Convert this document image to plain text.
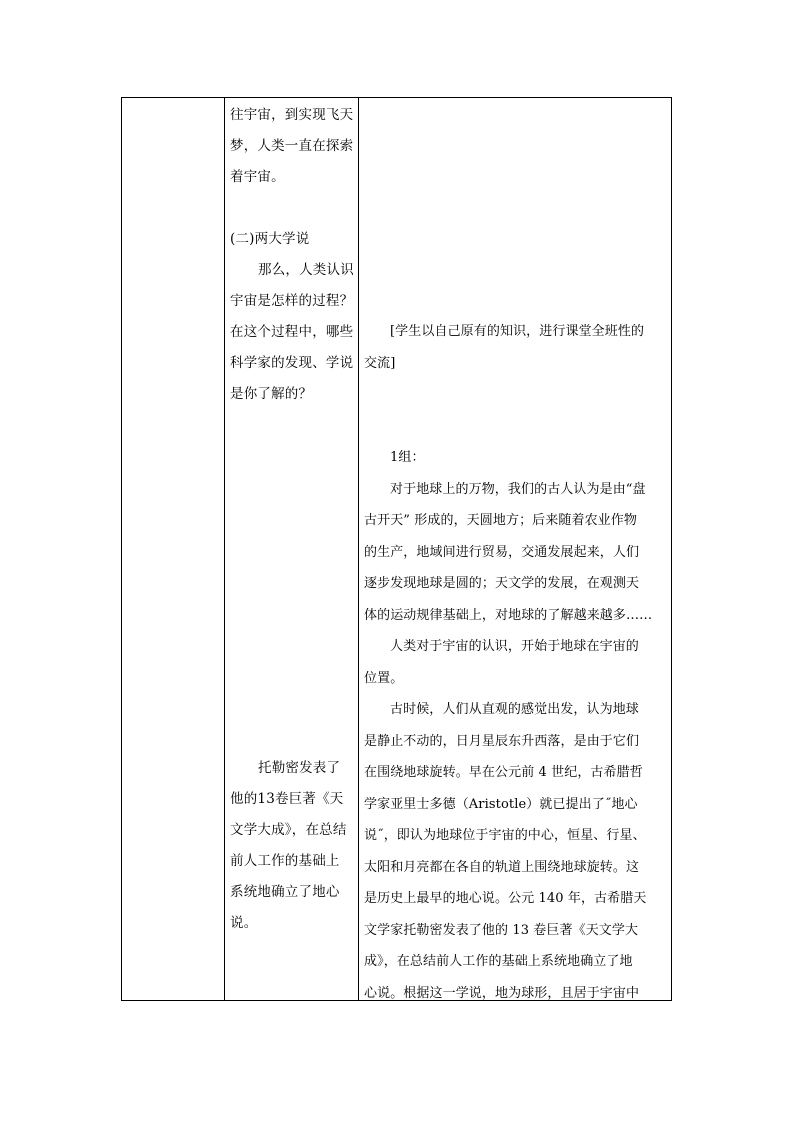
往宇宙，到实现飞天

梦，人类一直在探索

着宇宙。

(二)两大学说

那么，人类认识

宇宙是怎样的过程？

在这个过程中，哪些

科学家的发现、学说

是你了解的？

托勒密发表了

他的13卷巨著《天

文学大成》，在总结

前人工作的基础上

系统地确立了地心

说。

[学生以自己原有的知识，进行课堂全班性的

交流]

1组：

对于地球上的万物，我们的古人认为是由“盘

古开天” 形成的，天圆地方；后来随着农业作物

的生产，地域间进行贸易，交通发展起来，人们

逐步发现地球是圆的；天文学的发展，在观测天

体的运动规律基础上，对地球的了解越来越多……

人类对于宇宙的认识，开始于地球在宇宙的

位置。

古时候，人们从直观的感觉出发，认为地球

是静止不动的，日月星辰东升西落，是由于它们

在围绕地球旋转。早在公元前 4 世纪，古希腊哲

学家亚里士多德（Aristotle）就已提出了˝地心

说˝，即认为地球位于宇宙的中心，恒星、行星、

太阳和月亮都在各自的轨道上围绕地球旋转。这

是历史上最早的地心说。公元 140 年，古希腊天

文学家托勒密发表了他的 13 卷巨著《天文学大

成》，在总结前人工作的基础上系统地确立了地

心说。根据这一学说，地为球形，且居于宇宙中
